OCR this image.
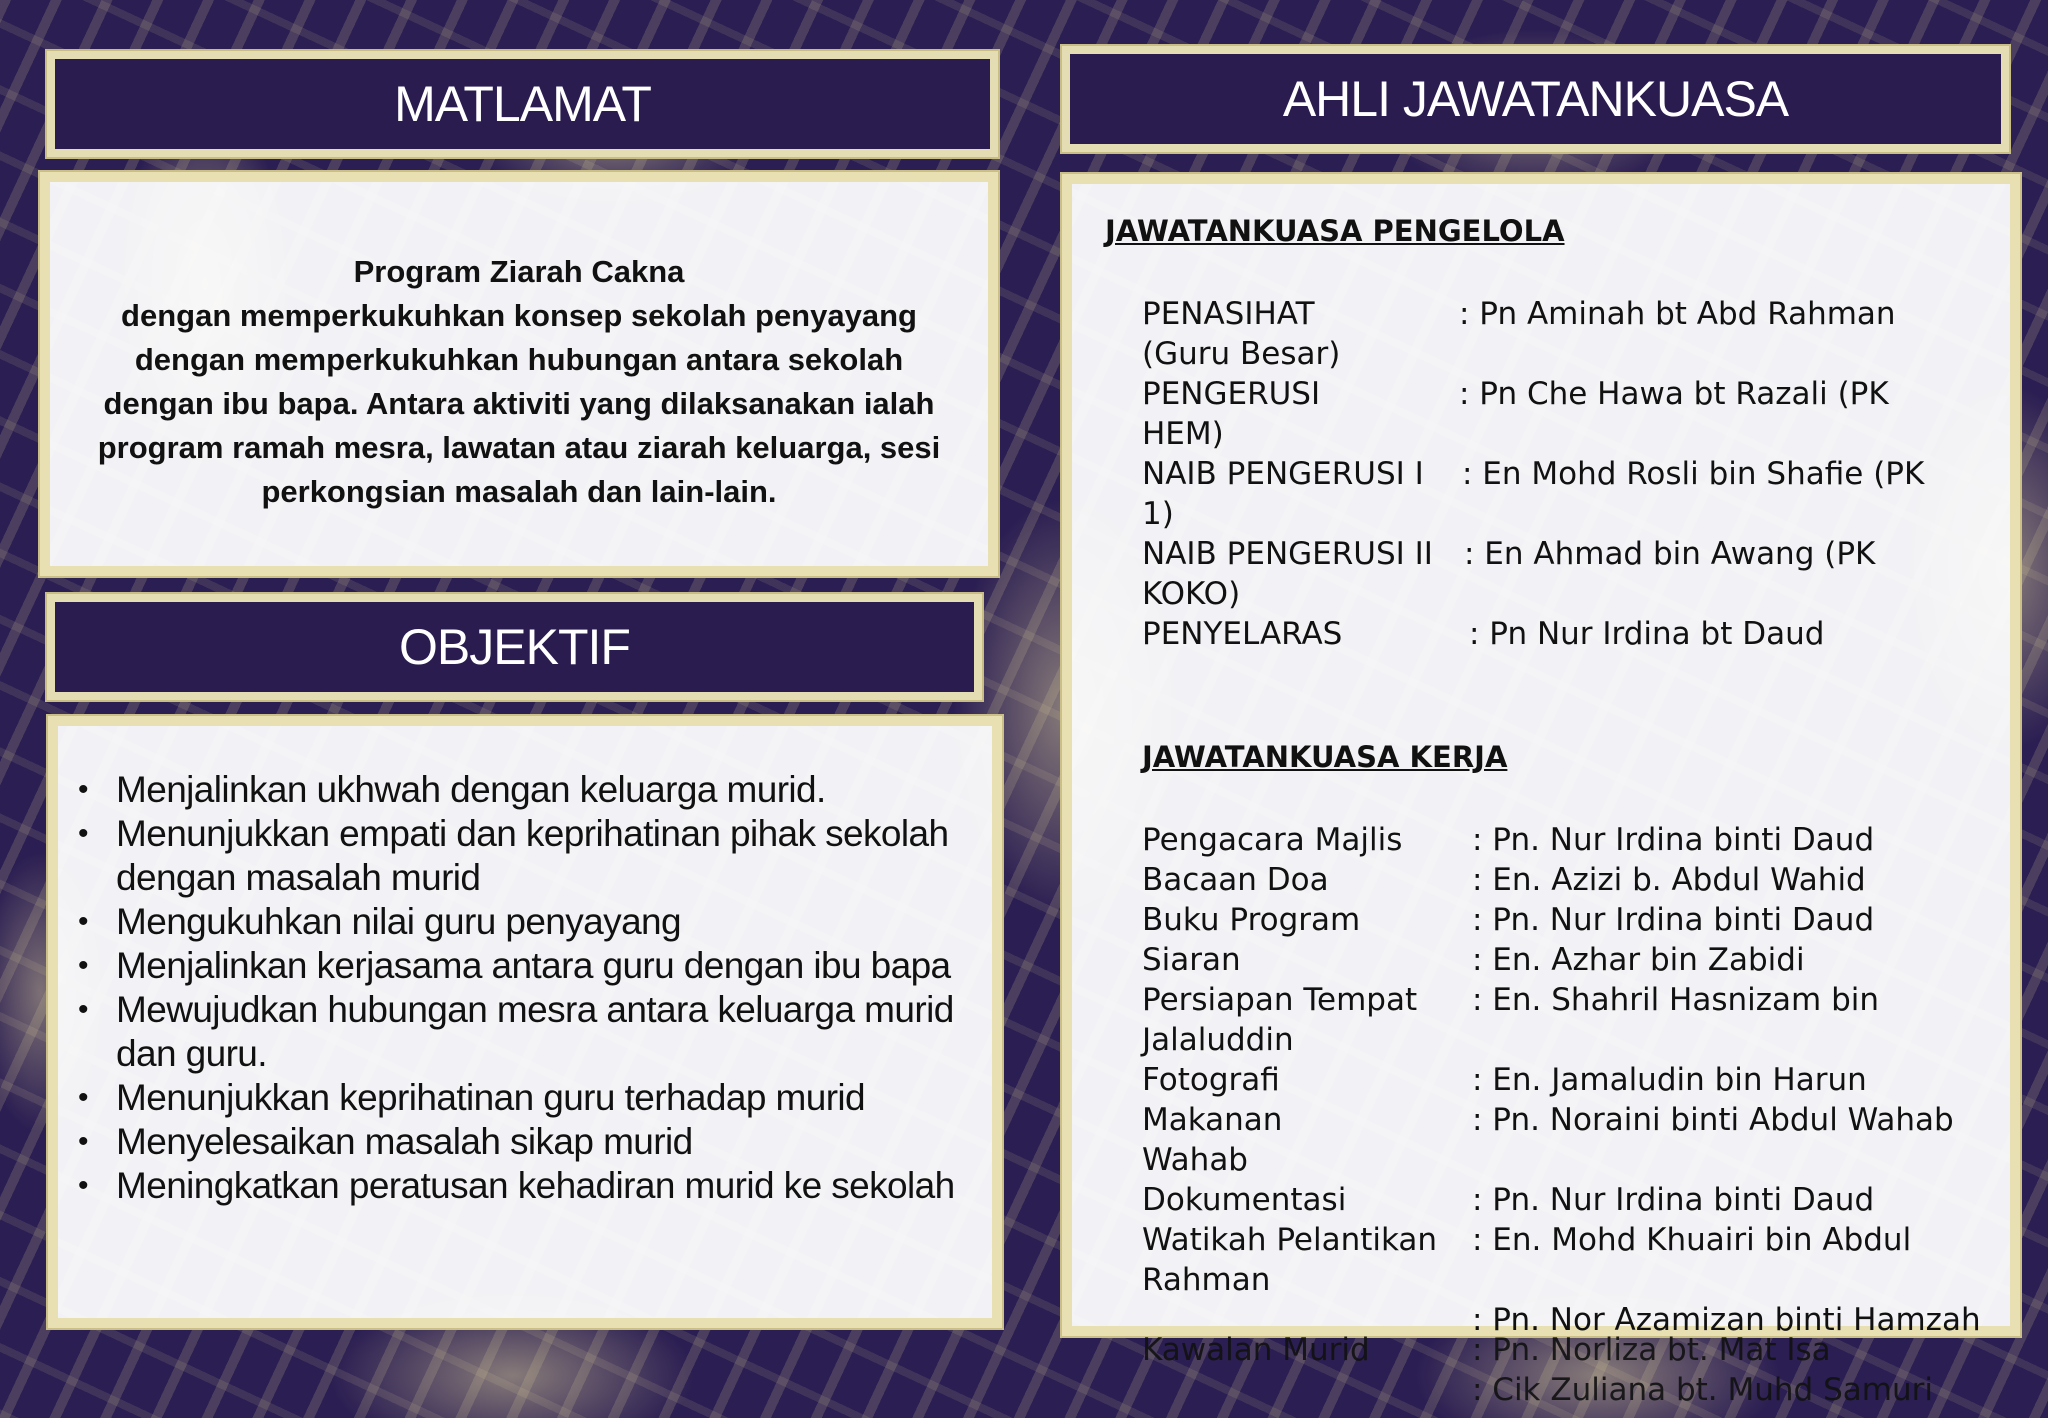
MATLAMAT
Program Ziarah Cakna
dengan memperkukuhkan konsep sekolah penyayang
dengan memperkukuhkan hubungan antara sekolah
dengan ibu bapa. Antara aktiviti yang dilaksanakan ialah
program ramah mesra, lawatan atau ziarah keluarga, sesi
perkongsian masalah dan lain-lain.
OBJEKTIF
• Menjalinkan ukhwah dengan keluarga murid.
• Menunjukkan empati dan keprihatinan pihak sekolah dengan masalah murid
• Mengukuhkan nilai guru penyayang
• Menjalinkan kerjasama antara guru dengan ibu bapa
• Mewujudkan hubungan mesra antara keluarga murid dan guru.
• Menunjukkan keprihatinan guru terhadap murid
• Menyelesaikan masalah sikap murid
• Meningkatkan peratusan kehadiran murid ke sekolah
AHLI JAWATANKUASA
JAWATANKUASA PENGELOLA
PENASIHAT	: Pn Aminah bt Abd Rahman
(Guru Besar)
PENGERUSI	: Pn Che Hawa bt Razali (PK
HEM)
NAIB PENGERUSI I : En Mohd Rosli bin Shafie (PK
1)
NAIB PENGERUSI II : En Ahmad bin Awang (PK
KOKO)
PENYELARAS	: Pn Nur Irdina bt Daud
JAWATANKUASA KERJA
Pengacara Majlis : Pn. Nur Irdina binti Daud
Bacaan Doa	: En. Azizi b. Abdul Wahid
Buku Program	: Pn. Nur Irdina binti Daud
Siaran	: En. Azhar bin Zabidi
Persiapan Tempat : En. Shahril Hasnizam bin
Jalaluddin
Fotografi	: En. Jamaludin bin Harun
Makanan	: Pn. Noraini binti Abdul Wahab
Wahab
Dokumentasi	: Pn. Nur Irdina binti Daud
Watikah Pelantikan : En. Mohd Khuairi bin Abdul
Rahman
: Pn. Nor Azamizan binti Hamzah
Kawalan Murid	: Pn. Norliza bt. Mat Isa
: Cik Zuliana bt. Muhd Samuri
